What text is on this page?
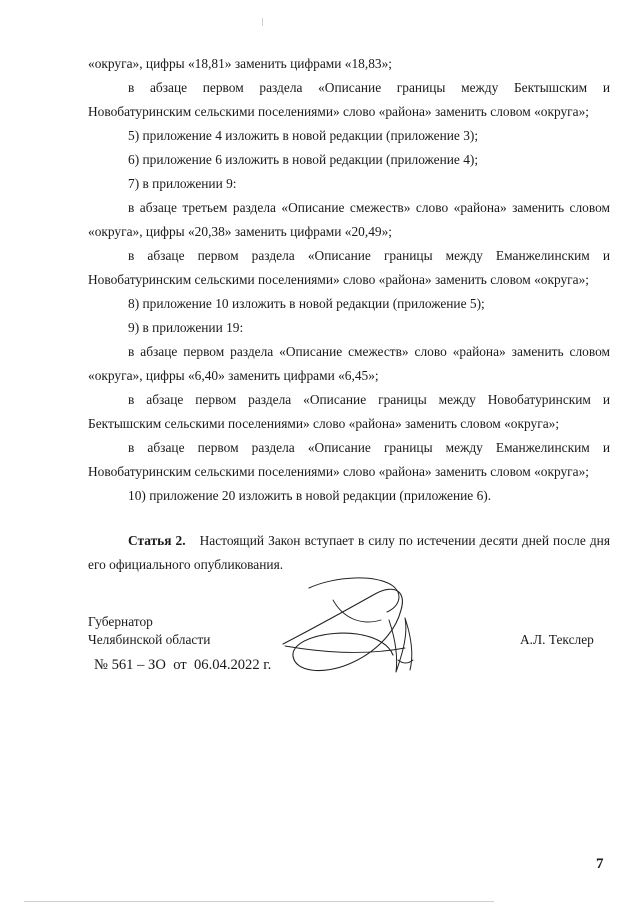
«округа», цифры «18,81» заменить цифрами «18,83»;

в абзаце первом раздела «Описание границы между Бектышским и Новобатуринским сельскими поселениями» слово «района» заменить словом «округа»;

5) приложение 4 изложить в новой редакции (приложение 3);

6) приложение 6 изложить в новой редакции (приложение 4);

7) в приложении 9:

в абзаце третьем раздела «Описание смежеств» слово «района» заменить словом «округа», цифры «20,38» заменить цифрами «20,49»;

в абзаце первом раздела «Описание границы между Еманжелинским и Новобатуринским сельскими поселениями» слово «района» заменить словом «округа»;

8) приложение 10 изложить в новой редакции (приложение 5);

9) в приложении 19:

в абзаце первом раздела «Описание смежеств» слово «района» заменить словом «округа», цифры «6,40» заменить цифрами «6,45»;

в абзаце первом раздела «Описание границы между Новобатуринским и Бектышским сельскими поселениями» слово «района» заменить словом «округа»;

в абзаце первом раздела «Описание границы между Еманжелинским и Новобатуринским сельскими поселениями» слово «района» заменить словом «округа»;

10) приложение 20 изложить в новой редакции (приложение 6).

Статья 2. Настоящий Закон вступает в силу по истечении десяти дней после дня его официального опубликования.

Губернатор
Челябинской области	А.Л. Текслер
№ 561 – ЗО  от  06.04.2022 г.
7
